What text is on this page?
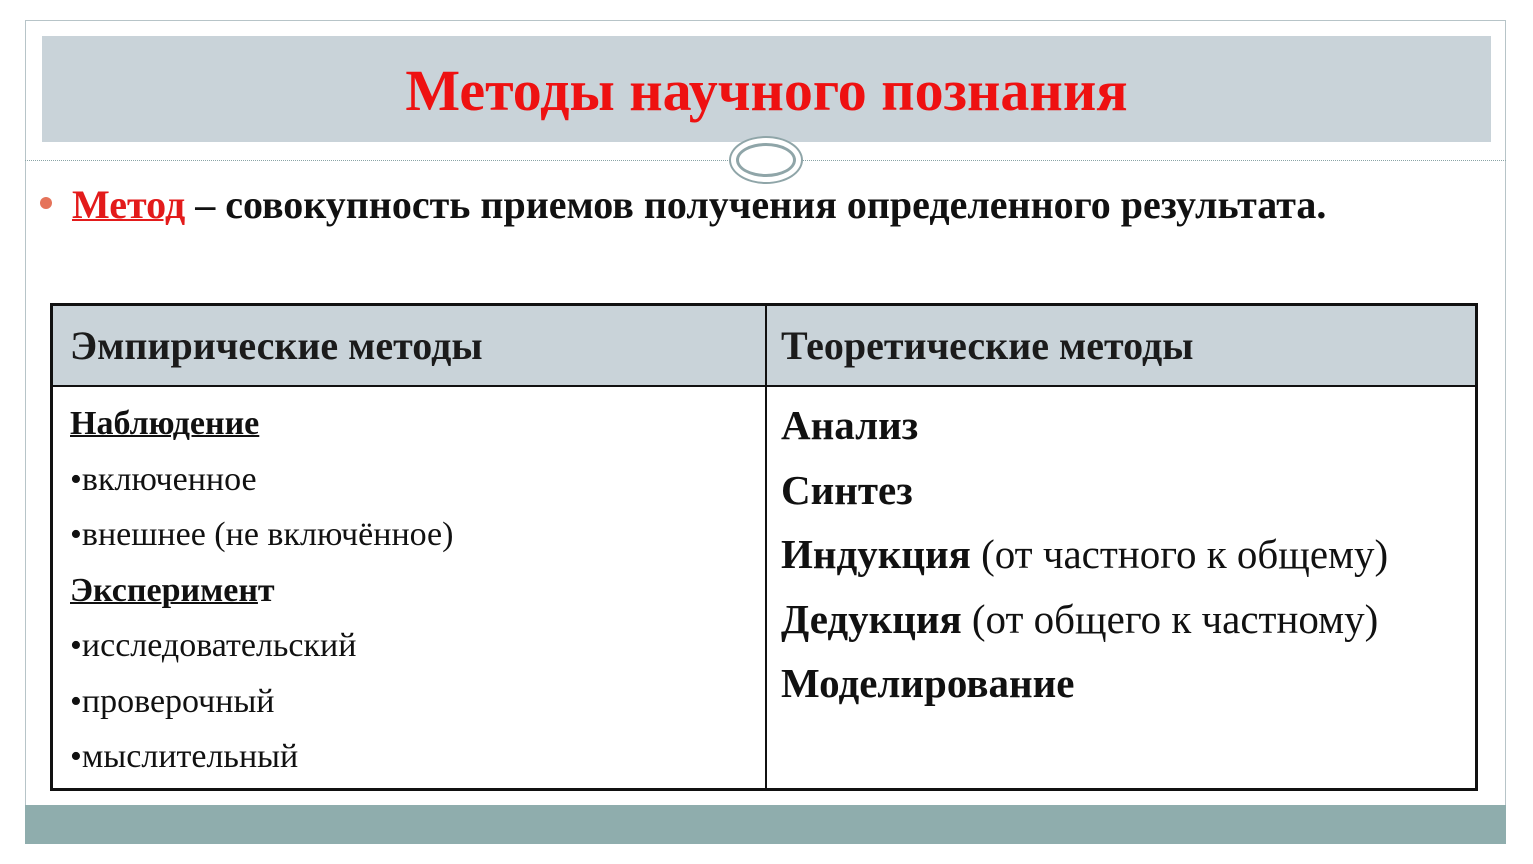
Методы научного познания
Метод – совокупность приемов получения определенного результата.
Эмпирические методы	Теоретические методы
Наблюдение
•включенное
•внешнее (не включённое)
Эксперимент
•исследовательский
•проверочный
•мыслительный
Анализ
Синтез
Индукция (от частного к общему)
Дедукция (от общего к частному)
Моделирование
